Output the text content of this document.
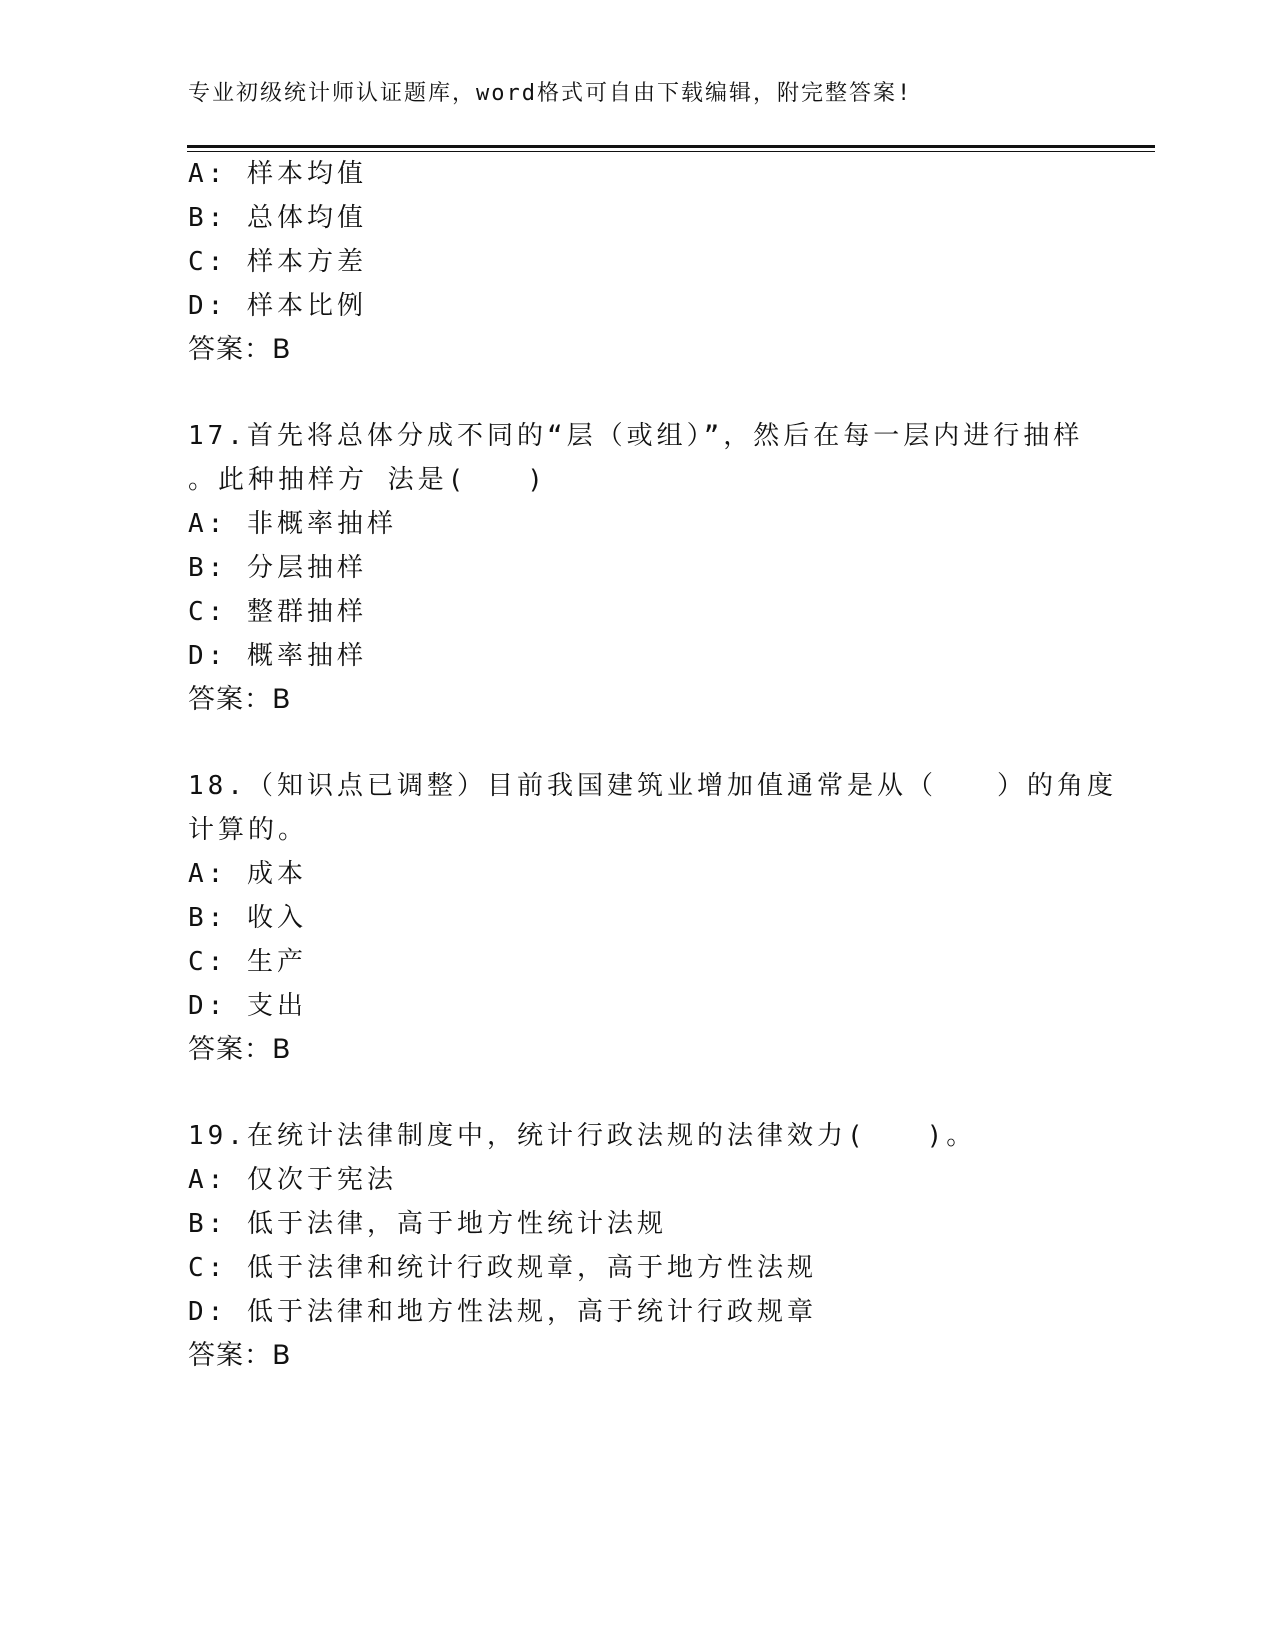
专业初级统计师认证题库，word格式可自由下载编辑，附完整答案!
A: 样本均值
B: 总体均值
C: 样本方差
D: 样本比例
答案：B
17.首先将总体分成不同的“层（或组）”，然后在每一层内进行抽样
。此种抽样方 法是(　　)
A: 非概率抽样
B: 分层抽样
C: 整群抽样
D: 概率抽样
答案：B
18.（知识点已调整）目前我国建筑业增加值通常是从（　　）的角度
计算的。
A: 成本
B: 收入
C: 生产
D: 支出
答案：B
19.在统计法律制度中，统计行政法规的法律效力(　　)。
A: 仅次于宪法
B: 低于法律，高于地方性统计法规
C: 低于法律和统计行政规章，高于地方性法规
D: 低于法律和地方性法规，高于统计行政规章
答案：B
